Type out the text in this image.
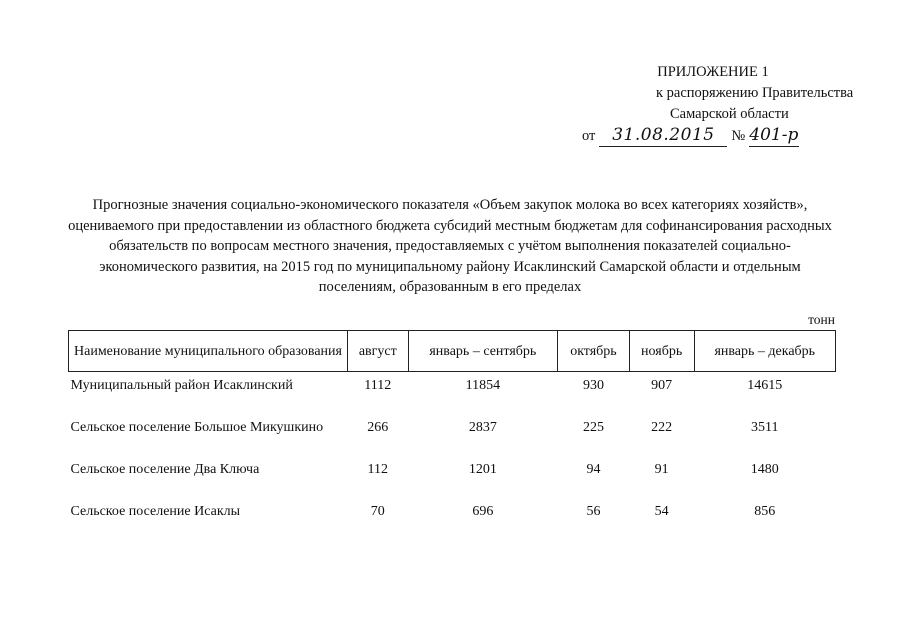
ПРИЛОЖЕНИЕ 1
к распоряжению Правительства
Самарской области
от 31.08.2015 № 401-р
Прогнозные значения социально-экономического показателя «Объем закупок молока во всех категориях хозяйств», оцениваемого при предоставлении из областного бюджета субсидий местным бюджетам для софинансирования расходных обязательств по вопросам местного значения, предоставляемых с учётом выполнения показателей социально-экономического развития, на 2015 год по муниципальному району Исаклинский Самарской области и отдельным поселениям, образованным в его пределах
тонн
Наименование муниципального образования	август	январь – сентябрь	октябрь	ноябрь	январь – декабрь
Муниципальный район Исаклинский	1112	11854	930	907	14615
Сельское поселение Большое Микушкино	266	2837	225	222	3511
Сельское поселение Два Ключа	112	1201	94	91	1480
Сельское поселение Исаклы	70	696	56	54	856
